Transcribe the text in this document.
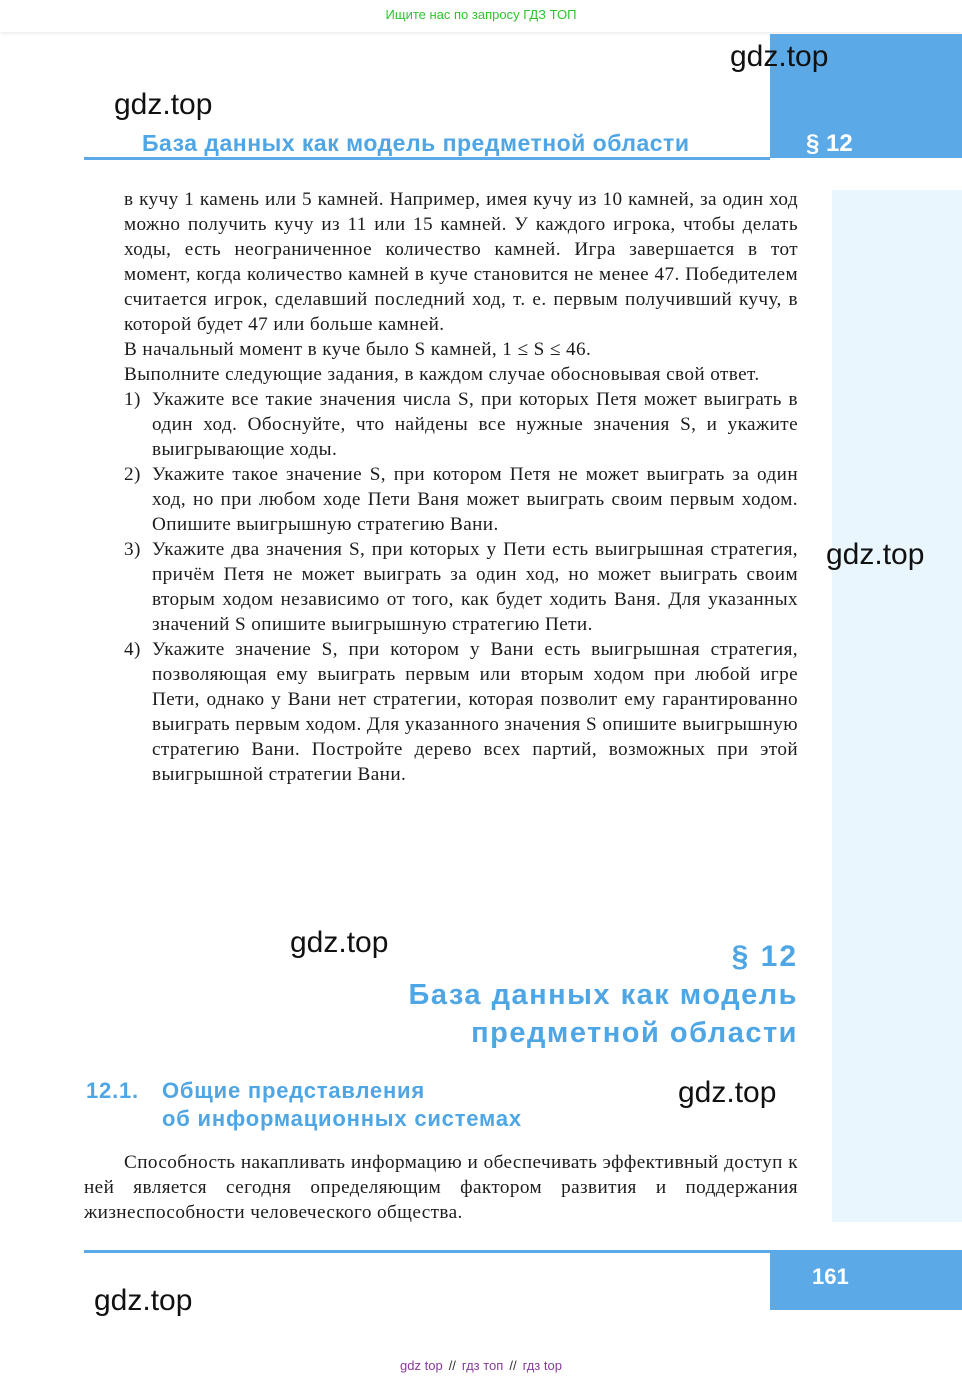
Ищите нас по запросу ГДЗ ТОП
§ 12
gdz.top
gdz.top
База данных как модель предметной области

в кучу 1 камень или 5 камней. Например, имея кучу из 10 камней, за один ход можно получить кучу из 11 или 15 камней. У каждого игрока, чтобы делать ходы, есть неограниченное количество камней. Игра завершается в тот момент, когда количество камней в куче становится не менее 47. Победителем считается игрок, сделавший последний ход, т. е. первым получивший кучу, в которой будет 47 или больше камней.

В начальный момент в куче было S камней, 1 ≤ S ≤ 46.

Выполните следующие задания, в каждом случае обосновывая свой ответ.

1) Укажите все такие значения числа S, при которых Петя может выиграть в один ход. Обоснуйте, что найдены все нужные значения S, и укажите выигрывающие ходы.
2) Укажите такое значение S, при котором Петя не может выиграть за один ход, но при любом ходе Пети Ваня может выиграть своим первым ходом. Опишите выигрышную стратегию Вани.
3) Укажите два значения S, при которых у Пети есть выигрышная стратегия, причём Петя не может выиграть за один ход, но может выиграть своим вторым ходом независимо от того, как будет ходить Ваня. Для указанных значений S опишите выигрышную стратегию Пети.
4) Укажите значение S, при котором у Вани есть выигрышная стратегия, позволяющая ему выиграть первым или вторым ходом при любой игре Пети, однако у Вани нет стратегии, которая позволит ему гарантированно выиграть первым ходом. Для указанного значения S опишите выигрышную стратегию Вани. Постройте дерево всех партий, возможных при этой выигрышной стратегии Вани.
gdz.top
gdz.top	§ 12
База данных как модель
предметной области
12.1. Общие представления
об информационных системах
gdz.top
Способность накапливать информацию и обеспечивать эффективный доступ к ней является сегодня определяющим фактором развития и поддержания жизнеспособности человеческого общества.
161
gdz.top
gdz top // гдз топ // гдз top
